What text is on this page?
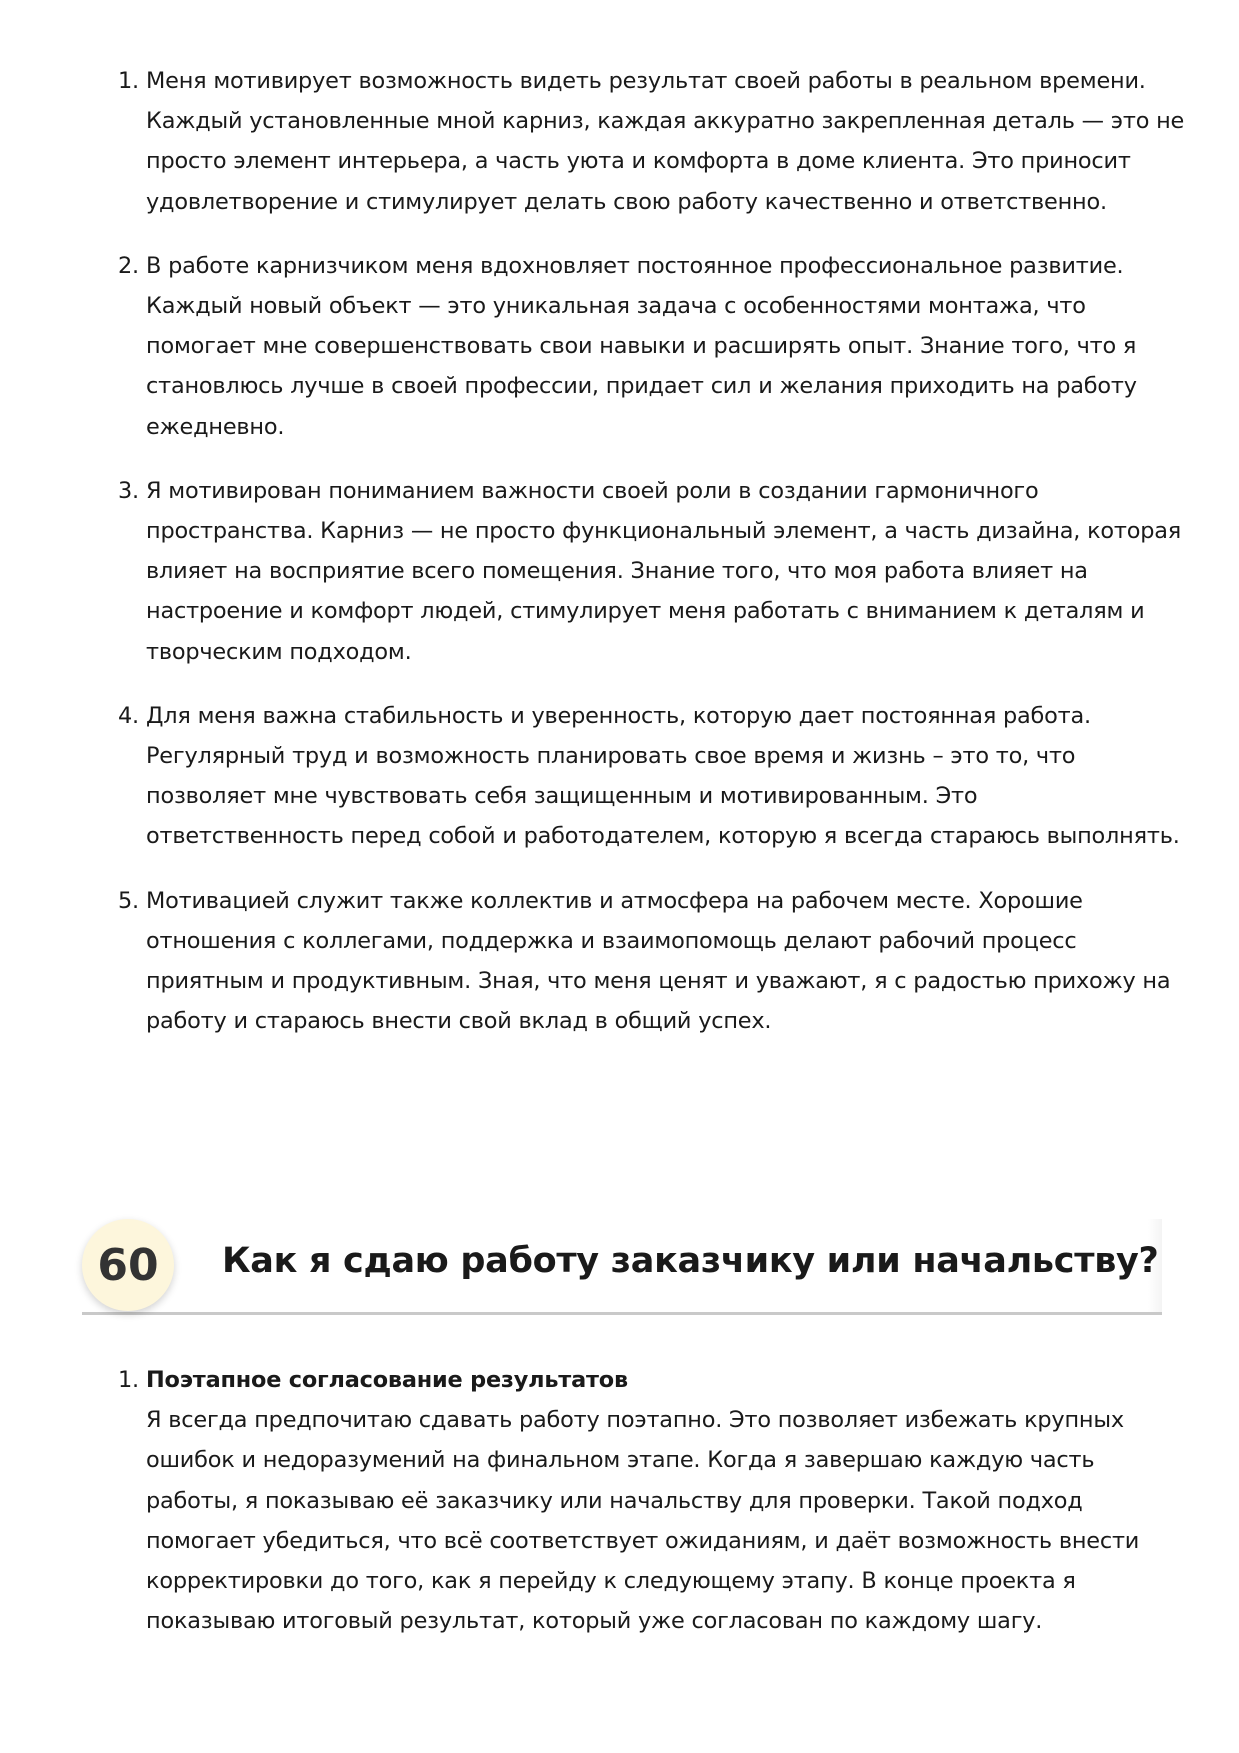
1. Меня мотивирует возможность видеть результат своей работы в реальном времени.
Каждый установленные мной карниз, каждая аккуратно закрепленная деталь — это не
просто элемент интерьера, а часть уюта и комфорта в доме клиента. Это приносит
удовлетворение и стимулирует делать свою работу качественно и ответственно.
2. В работе карнизчиком меня вдохновляет постоянное профессиональное развитие.
Каждый новый объект — это уникальная задача с особенностями монтажа, что
помогает мне совершенствовать свои навыки и расширять опыт. Знание того, что я
становлюсь лучше в своей профессии, придает сил и желания приходить на работу
ежедневно.
3. Я мотивирован пониманием важности своей роли в создании гармоничного
пространства. Карниз — не просто функциональный элемент, а часть дизайна, которая
влияет на восприятие всего помещения. Знание того, что моя работа влияет на
настроение и комфорт людей, стимулирует меня работать с вниманием к деталям и
творческим подходом.
4. Для меня важна стабильность и уверенность, которую дает постоянная работа.
Регулярный труд и возможность планировать свое время и жизнь – это то, что
позволяет мне чувствовать себя защищенным и мотивированным. Это
ответственность перед собой и работодателем, которую я всегда стараюсь выполнять.
5. Мотивацией служит также коллектив и атмосфера на рабочем месте. Хорошие
отношения с коллегами, поддержка и взаимопомощь делают рабочий процесс
приятным и продуктивным. Зная, что меня ценят и уважают, я с радостью прихожу на
работу и стараюсь внести свой вклад в общий успех.
60	Как я сдаю работу заказчику или начальству?
1. Поэтапное согласование результатов
Я всегда предпочитаю сдавать работу поэтапно. Это позволяет избежать крупных
ошибок и недоразумений на финальном этапе. Когда я завершаю каждую часть
работы, я показываю её заказчику или начальству для проверки. Такой подход
помогает убедиться, что всё соответствует ожиданиям, и даёт возможность внести
корректировки до того, как я перейду к следующему этапу. В конце проекта я
показываю итоговый результат, который уже согласован по каждому шагу.
